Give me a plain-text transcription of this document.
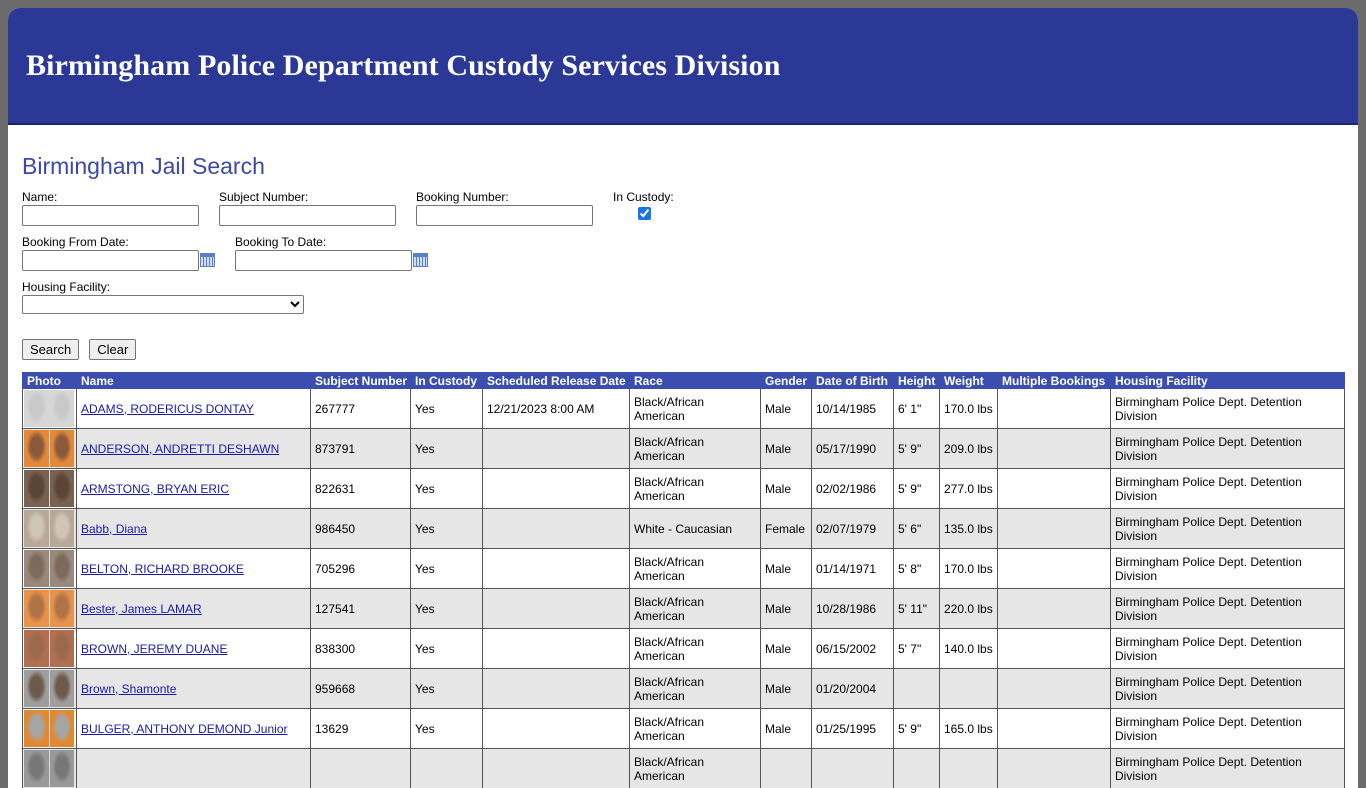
Birmingham Police Department Custody Services Division
Birmingham Jail Search
Name:	Subject Number:	Booking Number:	In Custody:
Booking From Date:	Booking To Date:
Housing Facility:
Search	Clear
Photo	Name	Subject Number	In Custody	Scheduled Release Date	Race	Gender	Date of Birth	Height	Weight	Multiple Bookings	Housing Facility

	ADAMS, RODERICUS DONTAY	267777	Yes	12/21/2023 8:00 AM	Black/African American	Male	10/14/1985	6' 1"	170.0 lbs		Birmingham Police Dept. Detention Division

	ANDERSON, ANDRETTI DESHAWN	873791	Yes		Black/African American	Male	05/17/1990	5' 9"	209.0 lbs		Birmingham Police Dept. Detention Division

	ARMSTONG, BRYAN ERIC	822631	Yes		Black/African American	Male	02/02/1986	5' 9"	277.0 lbs		Birmingham Police Dept. Detention Division

	Babb, Diana	986450	Yes		White - Caucasian	Female	02/07/1979	5' 6"	135.0 lbs		Birmingham Police Dept. Detention Division

	BELTON, RICHARD BROOKE	705296	Yes		Black/African American	Male	01/14/1971	5' 8"	170.0 lbs		Birmingham Police Dept. Detention Division

	Bester, James LAMAR	127541	Yes		Black/African American	Male	10/28/1986	5' 11"	220.0 lbs		Birmingham Police Dept. Detention Division

	BROWN, JEREMY DUANE	838300	Yes		Black/African American	Male	06/15/2002	5' 7"	140.0 lbs		Birmingham Police Dept. Detention Division

	Brown, Shamonte	959668	Yes		Black/African American	Male	01/20/2004				Birmingham Police Dept. Detention Division

	BULGER, ANTHONY DEMOND Junior	13629	Yes		Black/African American	Male	01/25/1995	5' 9"	165.0 lbs		Birmingham Police Dept. Detention Division

					Black/African American						Birmingham Police Dept. Detention Division
